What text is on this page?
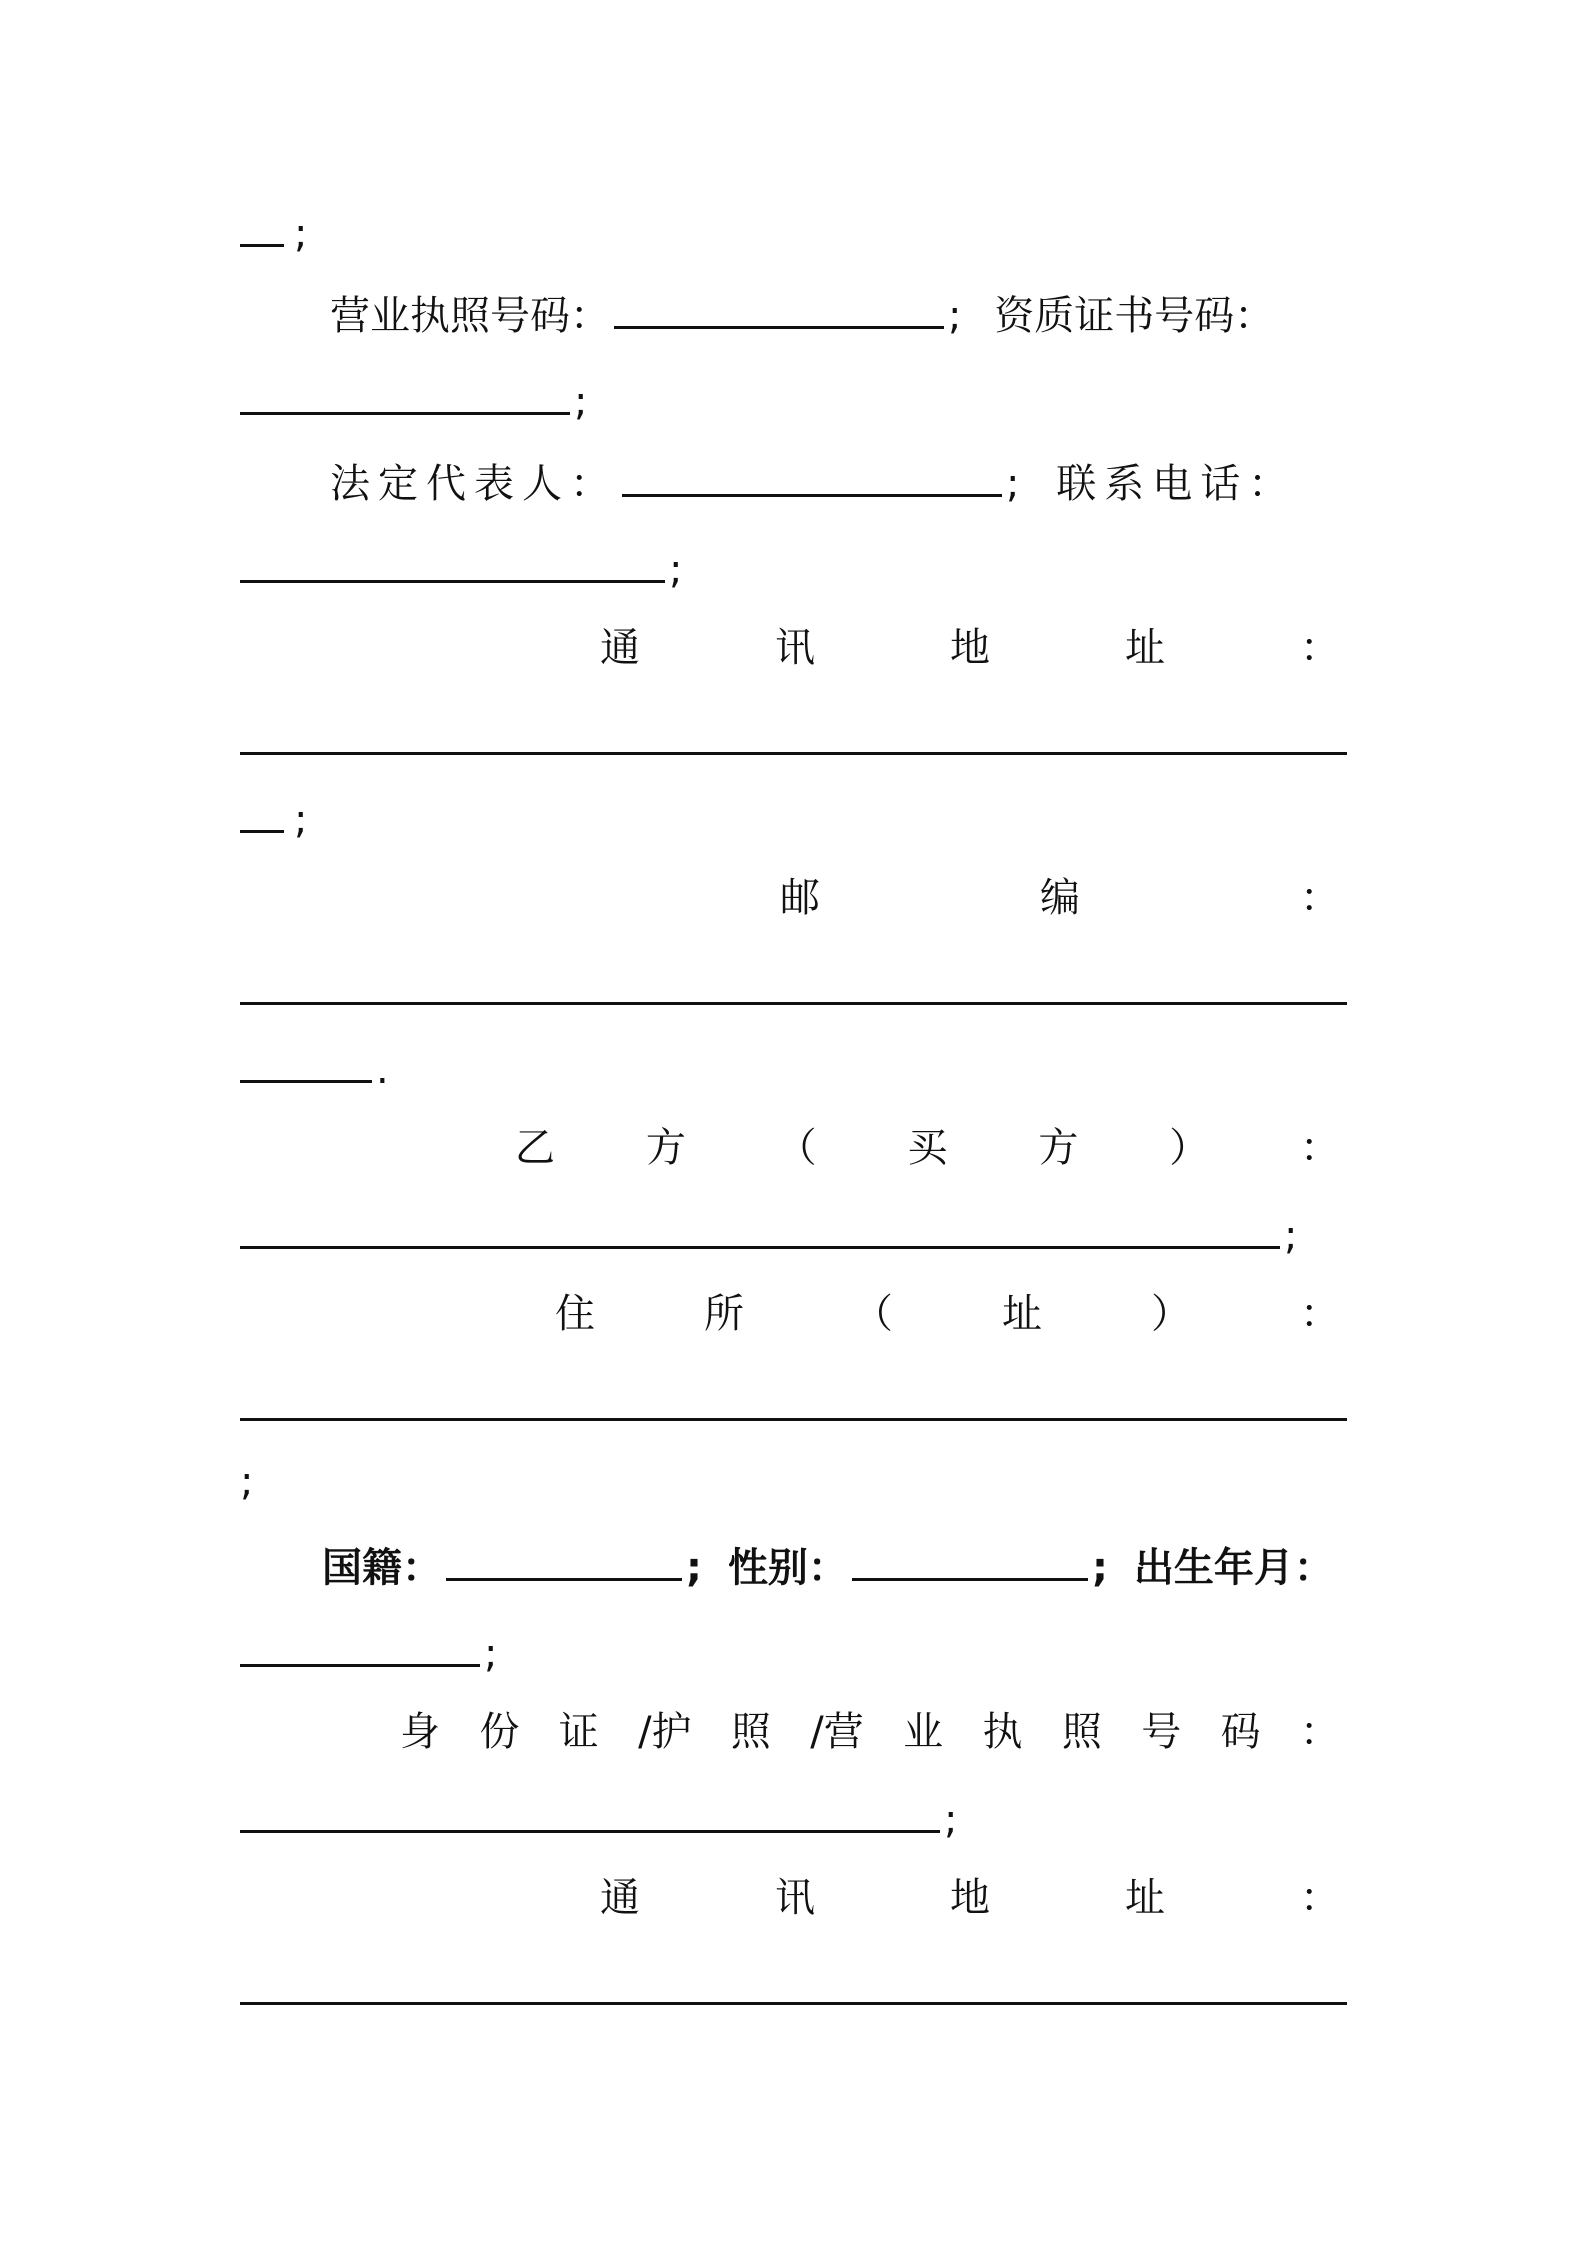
;
营业执照号码：	; 资质证书号码：
;
法定代表人：	; 联系电话：
;
通	讯	地	址	：
;
邮	编	：
.
乙 方 （ 买 方 ） ：
;
住	所	（	址	）	：
;
国籍：	; 性别：	; 出生年月：
;
身 份 证 /护 照 /营 业 执 照 号 码 ：
;
通	讯	地	址	：
